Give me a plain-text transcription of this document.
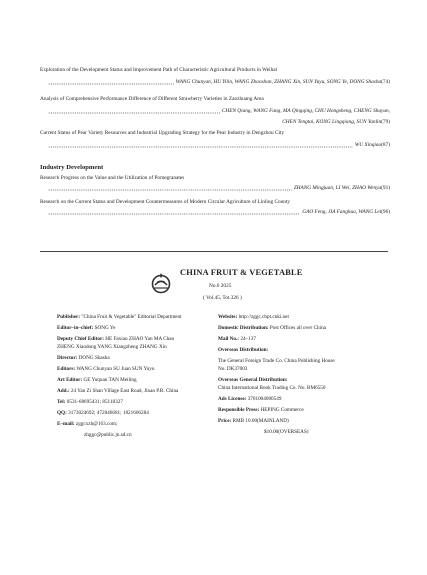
Exploration of the Development Status and Improvement Path of Characteristic Agricultural Products in Weihai
WANG Chunyan, HU Yilin, WANG Zhaoshan, ZHANG Xin, SUN Yuyu, SONG Ye, DONG Shasha(74)
Analysis of Comprehensive Performance Difference of Different Strawberry Varieties in Zaozhuang Area
CHEN Qiang, WANG Fang, MA Qingqing, CHU Hongsheng, CHENG Shuyun,
CHEN Tengtai, KONG Lingqiang, SUN Yanlin(79)
Current Status of Pear Variety Resources and Industrial Upgrading Strategy for the Pear Industry in Dengzhou City
WU Xinqiao(87)
Industry Development
Research Progress on the Value and the Utilization of Pomegranates
ZHANG Mingjuan, LI Wei, ZHAO Wenya(91)
Research on the Current Status and Development Countermeasures of Modern Circular Agriculture of Linling County
GAO Feng, JIA Fanghua, WANG Lei(96)
CHINA FRUIT & VEGETABLE
No.6 2025
( Vol.45, Tot.326 )
Publisher: "China Fruit & Vegetable" Editorial Department
Editor–in–chief: SONG Ye
Deputy Chief Editor: HE Faxiao ZHAO Yan MA Chao
ZHENG Xiaodong YANG Xiangzheng ZHANG Xin
Director: DONG Shasha
Editors: WANG Chunyan SU Juan SUN Yuyu
Art Editor: GE Yuquan TAN Meiling
Add.: 24 Yan Zi Shan Village East Road, Jinan P.R. China
Tel: 0531-68695431; 85118327
QQ: 3173024692; 472046681; 1821666284
E–mail: zggcxzb@163.com;
zhggc@public.jn.sd.cn
Website: http://zggc.cbpt.cnki.net
Domestic Distribution: Post Offices all over China
Mail No.: 24–137
Overseas Distribution:
The General Foreign Trade Co. China Publishing House
No. DK37003
Overseas General Distribution:
China International Book Trading Co. No. BM6550
Ads License: 3701004000549
Responsible Press: HEPING Commerce
Price: RMB 10.00(MAINLAND)
$10.00(OVERSEAS)
